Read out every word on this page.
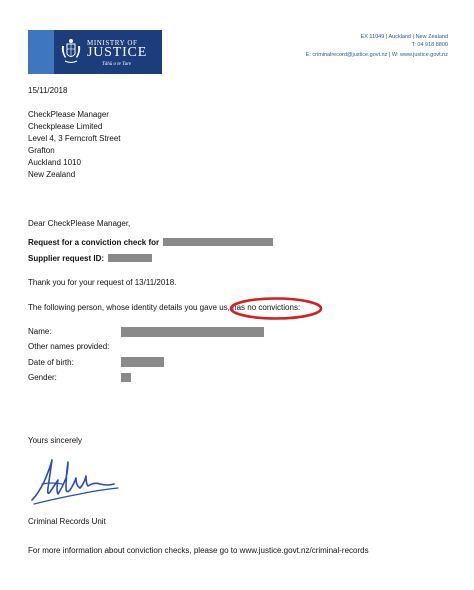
MINISTRY OF
JUSTICE
Tāhū o te Ture
EX 11049 | Auckland | New Zealand
T: 04 918 8800
E: criminalrecord@justice.govt.nz | W: www.justice.govt.nz
15/11/2018
CheckPlease Manager
Checkplease Limited
Level 4, 3 Ferncroft Street
Grafton
Auckland 1010
New Zealand
Dear CheckPlease Manager,
Request for a conviction check for
Supplier request ID:
Thank you for your request of 13/11/2018.
The following person, whose identity details you gave us, has no convictions:
Name:
Other names provided:
Date of birth:
Gender:
Yours sincerely
Criminal Records Unit
For more information about conviction checks, please go to www.justice.govt.nz/criminal-records
